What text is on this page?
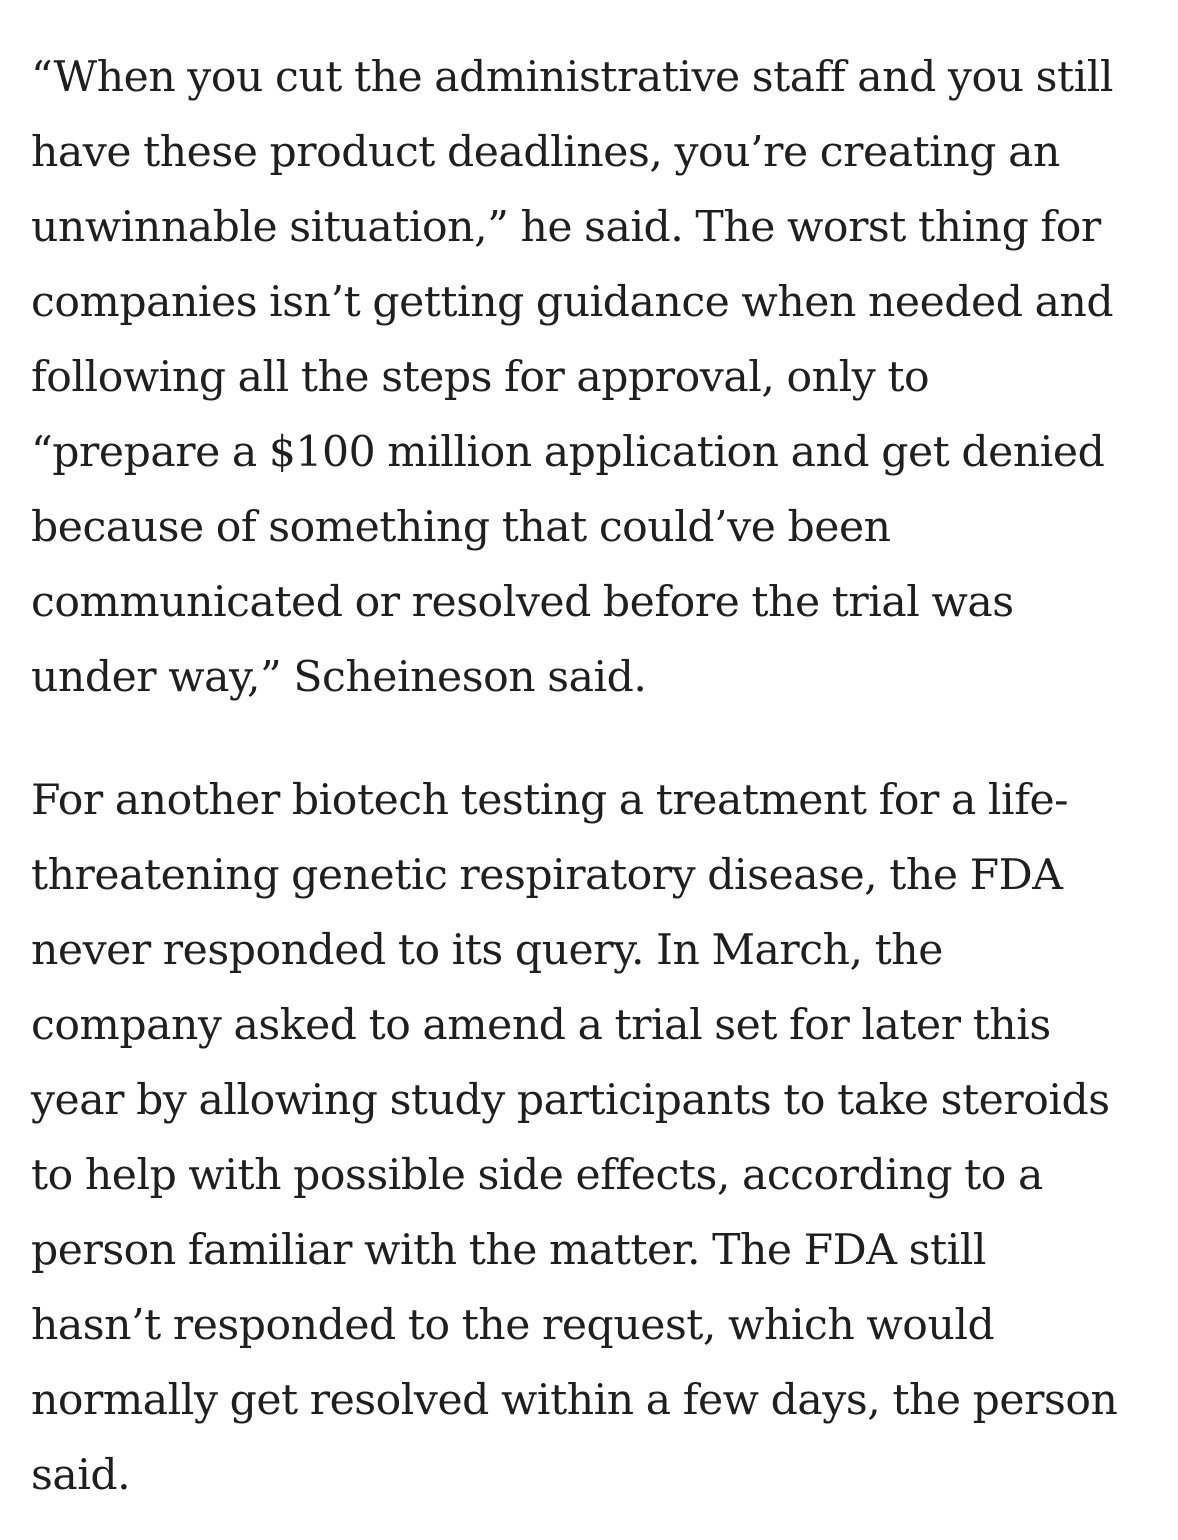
“When you cut the administrative staff and you still
have these product deadlines, you’re creating an
unwinnable situation,” he said. The worst thing for
companies isn’t getting guidance when needed and
following all the steps for approval, only to
“prepare a $100 million application and get denied
because of something that could’ve been
communicated or resolved before the trial was
under way,” Scheineson said.

For another biotech testing a treatment for a life-
threatening genetic respiratory disease, the FDA
never responded to its query. In March, the
company asked to amend a trial set for later this
year by allowing study participants to take steroids
to help with possible side effects, according to a
person familiar with the matter. The FDA still
hasn’t responded to the request, which would
normally get resolved within a few days, the person
said.
